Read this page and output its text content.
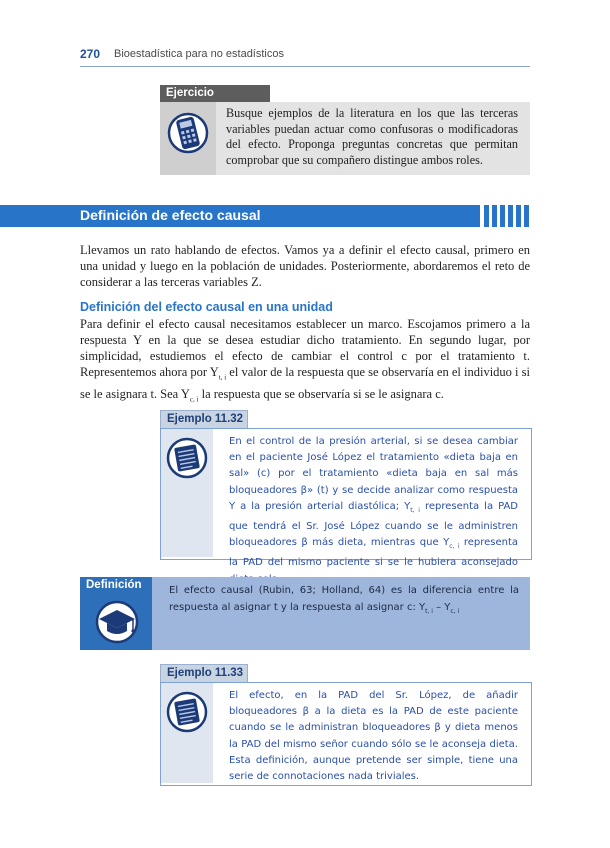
270 Bioestadística para no estadísticos
Ejercicio
Busque ejemplos de la literatura en los que las terceras variables puedan actuar como confusoras o modificadoras del efecto. Proponga preguntas concretas que permitan comprobar que su compañero distingue ambos roles.
Definición de efecto causal
Llevamos un rato hablando de efectos. Vamos ya a definir el efecto causal, primero en una unidad y luego en la población de unidades. Posteriormente, abordaremos el reto de considerar a las terceras variables Z.
Definición del efecto causal en una unidad
Para definir el efecto causal necesitamos establecer un marco. Escojamos primero a la respuesta Y en la que se desea estudiar dicho tratamiento. En segundo lugar, por simplicidad, estudiemos el efecto de cambiar el control c por el tratamiento t. Representemos ahora por $Y_{t, i}$ el valor de la respuesta que se observaría en el individuo i si se le asignara t. Sea $Y_{c, i}$ la respuesta que se observaría si se le asignara c.
Ejemplo 11.32
En el control de la presión arterial, si se desea cambiar en el paciente José López el tratamiento «dieta baja en sal» (c) por el tratamiento «dieta baja en sal más bloqueadores β» (t) y se decide analizar como respuesta Y a la presión arterial diastólica; $Y_{t, i}$ representa la PAD que tendrá el Sr. José López cuando se le administren bloqueadores β más dieta, mientras que $Y_{c, i}$ representa la PAD del mismo paciente si se le hubiera aconsejado
Definición	El efecto causal (Rubin, 63; Holland, 64) es la diferencia entre la respuesta al asignar t y la respuesta al asignar c: $Y_{t, i} - Y_{c, i}$
Ejemplo 11.33
El efecto, en la PAD del Sr. López, de añadir bloqueadores β a la dieta es la PAD de este paciente cuando se le administran bloqueadores β y dieta menos la PAD del mismo señor cuando sólo se le aconseja dieta. Esta definición, aunque pretende ser simple, tiene una serie de connotaciones nada triviales.
